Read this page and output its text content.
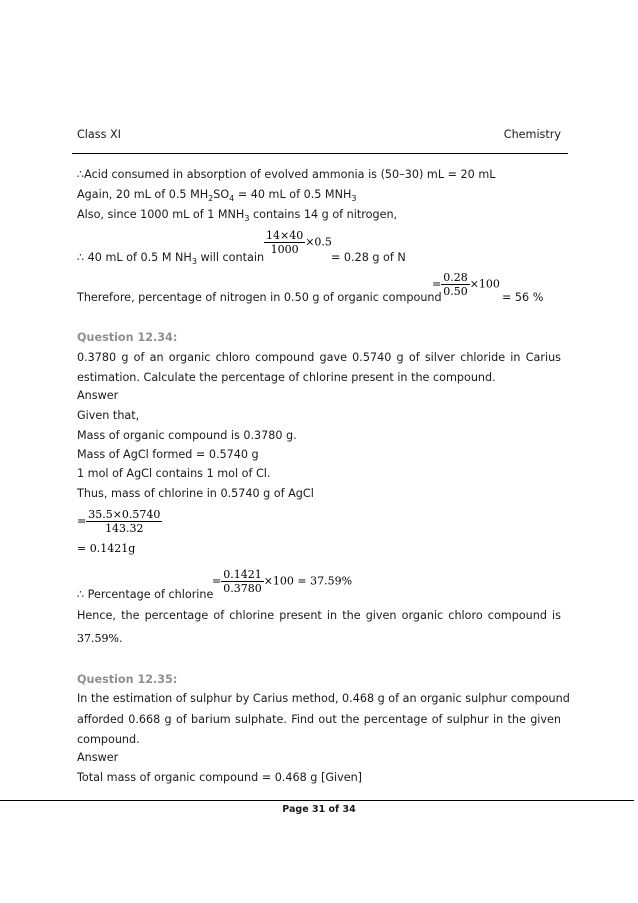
Class XI	Chemistry
∴Acid consumed in absorption of evolved ammonia is (50–30) mL = 20 mL
Again, 20 mL of 0.5 $MH_2SO_4 = 40$ mL of 0.5 $MNH_3$
Also, since 1000 mL of 1 $MNH_3$ contains 14 g of nitrogen,
∴ 40 mL of 0.5 M $NH_3$ will contain
$\frac{14\times 40}{1000} \times 0.5$
= 0.28 g of N
Therefore, percentage of nitrogen in 0.50 g of organic compound
= $\frac{0.28}{0.50} \times 100$
= 56 %
Question 12.34:
0.3780 g of an organic chloro compound gave 0.5740 g of silver chloride in Carius
estimation. Calculate the percentage of chlorine present in the compound.
Answer
Given that,
Mass of organic compound is 0.3780 g.
Mass of AgCl formed = 0.5740 g
1 mol of AgCl contains 1 mol of Cl.
Thus, mass of chlorine in 0.5740 g of AgCl
= $\frac{35.5\times 0.5740}{143.32}$
= 0.1421g
∴ Percentage of chlorine
= $\frac{0.1421}{0.3780} \times 100 = 37.59\%$
Hence, the percentage of chlorine present in the given organic chloro compound is
37.59%.
Question 12.35:
In the estimation of sulphur by Carius method, 0.468 g of an organic sulphur compound
afforded 0.668 g of barium sulphate. Find out the percentage of sulphur in the given
compound.
Answer
Total mass of organic compound = 0.468 g [Given]
Page 31 of 34
